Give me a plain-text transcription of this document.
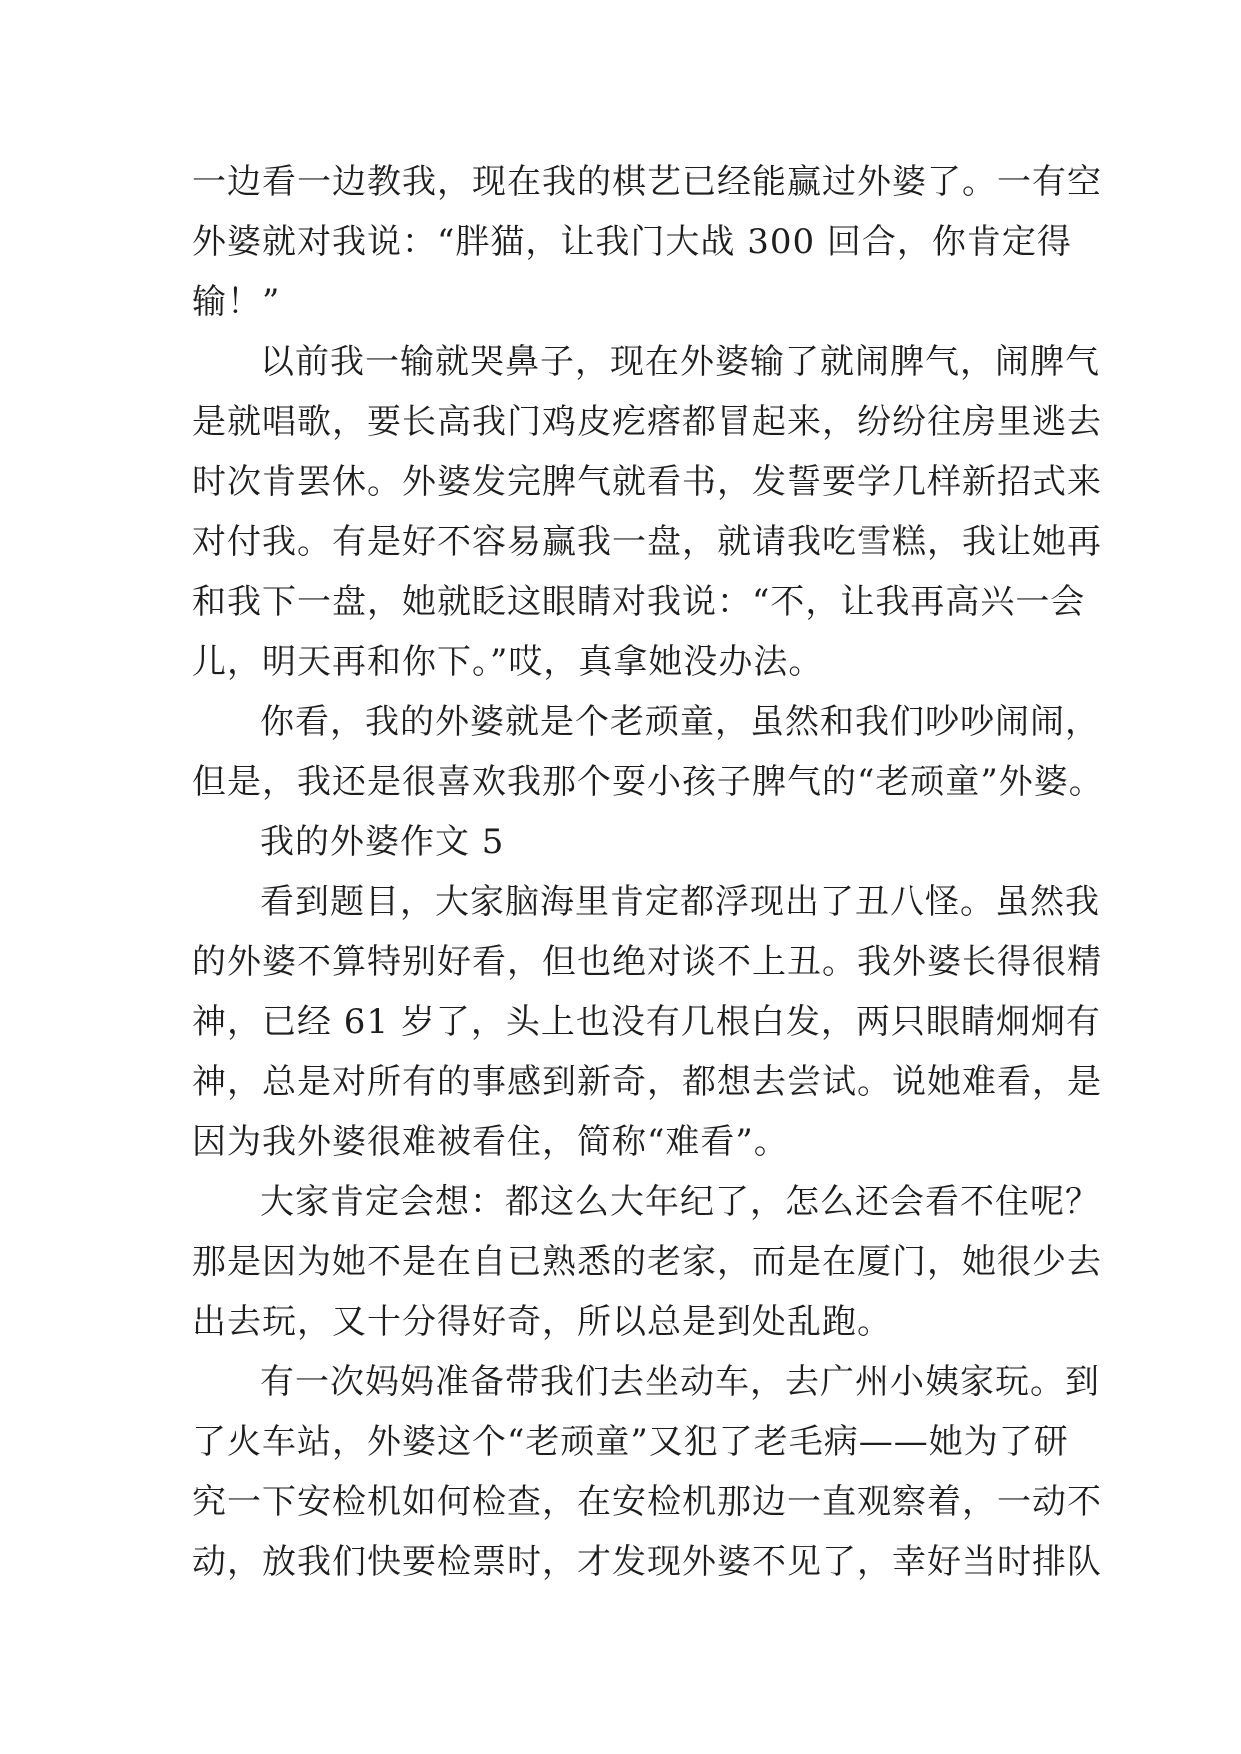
一边看一边教我，现在我的棋艺已经能赢过外婆了。一有空
外婆就对我说：“胖猫，让我门大战 300 回合，你肯定得
输！”
以前我一输就哭鼻子，现在外婆输了就闹脾气，闹脾气
是就唱歌，要长高我门鸡皮疙瘩都冒起来，纷纷往房里逃去
时次肯罢休。外婆发完脾气就看书，发誓要学几样新招式来
对付我。有是好不容易赢我一盘，就请我吃雪糕，我让她再
和我下一盘，她就眨这眼睛对我说：“不，让我再高兴一会
儿，明天再和你下。”哎，真拿她没办法。
你看，我的外婆就是个老顽童，虽然和我们吵吵闹闹，
但是，我还是很喜欢我那个耍小孩子脾气的“老顽童”外婆。
我的外婆作文 5
看到题目，大家脑海里肯定都浮现出了丑八怪。虽然我
的外婆不算特别好看，但也绝对谈不上丑。我外婆长得很精
神，已经 61 岁了，头上也没有几根白发，两只眼睛炯炯有
神，总是对所有的事感到新奇，都想去尝试。说她难看，是
因为我外婆很难被看住，简称“难看”。
大家肯定会想：都这么大年纪了，怎么还会看不住呢？
那是因为她不是在自已熟悉的老家，而是在厦门，她很少去
出去玩，又十分得好奇，所以总是到处乱跑。
有一次妈妈准备带我们去坐动车，去广州小姨家玩。到
了火车站，外婆这个“老顽童”又犯了老毛病——她为了研
究一下安检机如何检查，在安检机那边一直观察着，一动不
动，放我们快要检票时，才发现外婆不见了，幸好当时排队
